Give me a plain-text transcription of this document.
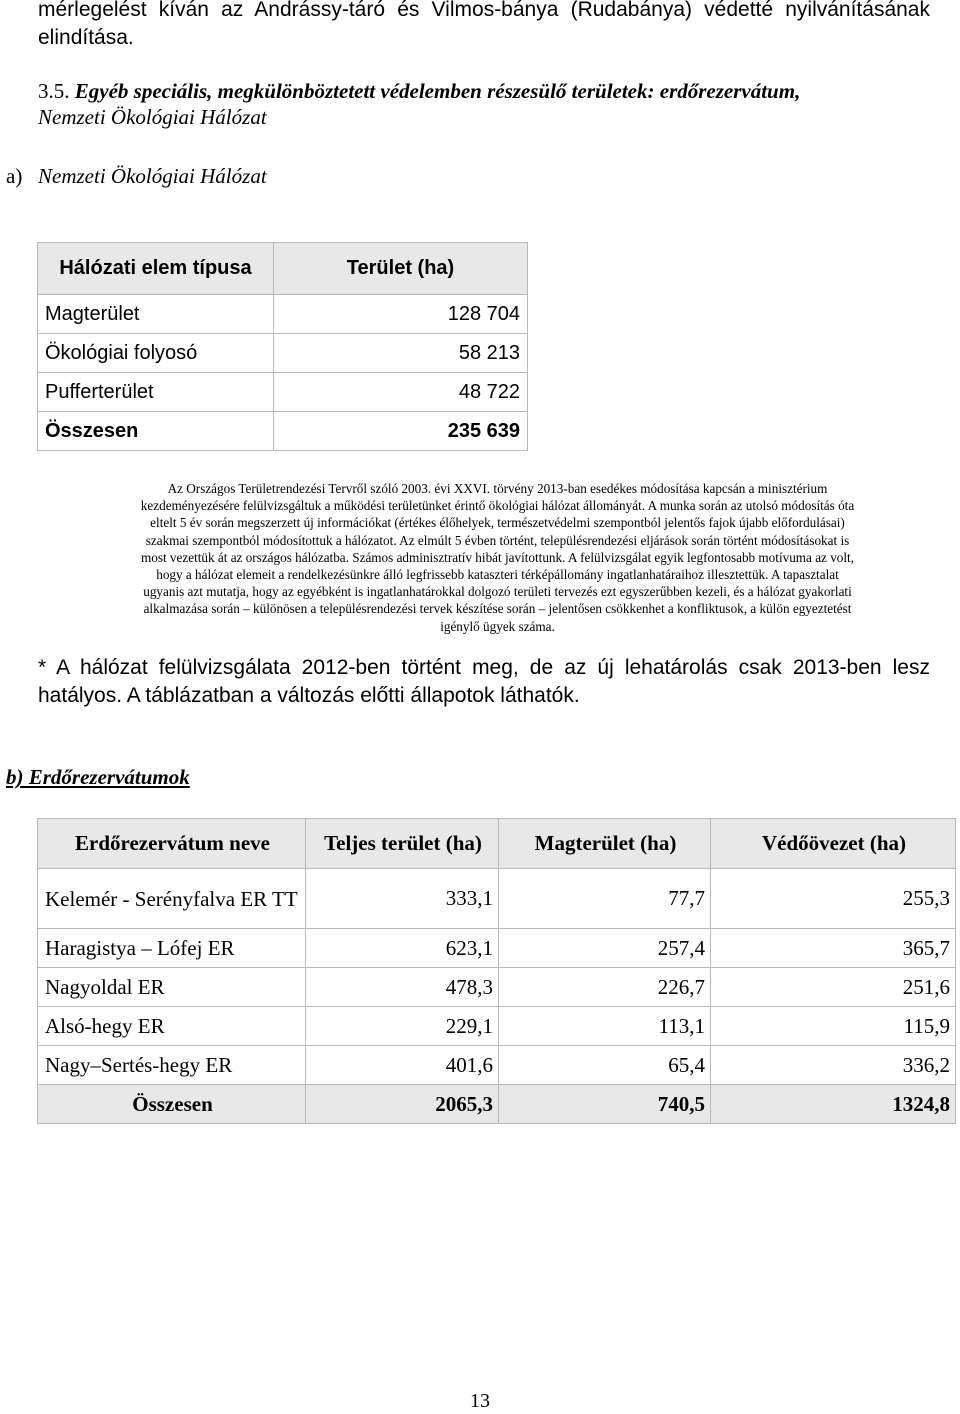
mérlegelést kíván az Andrássy-táró és Vilmos-bánya (Rudabánya) védetté nyilvánításának
elindítása.
3.5. Egyéb speciális, megkülönböztetett védelemben részesülő területek: erdőrezervátum,
Nemzeti Ökológiai Hálózat
a) Nemzeti Ökológiai Hálózat
Hálózati elem típusa	Terület (ha)
Magterület	128 704
Ökológiai folyosó	58 213
Pufferterület	48 722
Összesen	235 639
Az Országos Területrendezési Tervről szóló 2003. évi XXVI. törvény 2013-ban esedékes módosítása kapcsán a minisztérium
kezdeményezésére felülvizsgáltuk a működési területünket érintő ökológiai hálózat állományát. A munka során az utolsó módosítás óta
eltelt 5 év során megszerzett új információkat (értékes élőhelyek, természetvédelmi szempontból jelentős fajok újabb előfordulásai)
szakmai szempontból módosítottuk a hálózatot. Az elmúlt 5 évben történt, településrendezési eljárások során történt módosításokat is
most vezettük át az országos hálózatba. Számos adminisztratív hibát javítottunk. A felülvizsgálat egyik legfontosabb motívuma az volt,
hogy a hálózat elemeit a rendelkezésünkre álló legfrissebb kataszteri térképállomány ingatlanhatáraihoz illesztettük. A tapasztalat
ugyanis azt mutatja, hogy az egyébként is ingatlanhatárokkal dolgozó területi tervezés ezt egyszerűbben kezeli, és a hálózat gyakorlati
alkalmazása során – különösen a településrendezési tervek készítése során – jelentősen csökkenhet a konfliktusok, a külön egyeztetést
igénylő ügyek száma.
* A hálózat felülvizsgálata 2012-ben történt meg, de az új lehatárolás csak 2013-ben lesz hatályos. A táblázatban a változás előtti állapotok láthatók.
b) Erdőrezervátumok
Erdőrezervátum neve	Teljes terület (ha)	Magterület (ha)	Védőövezet (ha)
Kelemér - Serényfalva ER TT	333,1	77,7	255,3
Haragistya – Lófej ER	623,1	257,4	365,7
Nagyoldal ER	478,3	226,7	251,6
Alsó-hegy ER	229,1	113,1	115,9
Nagy–Sertés-hegy ER	401,6	65,4	336,2
Összesen	2065,3	740,5	1324,8
13
